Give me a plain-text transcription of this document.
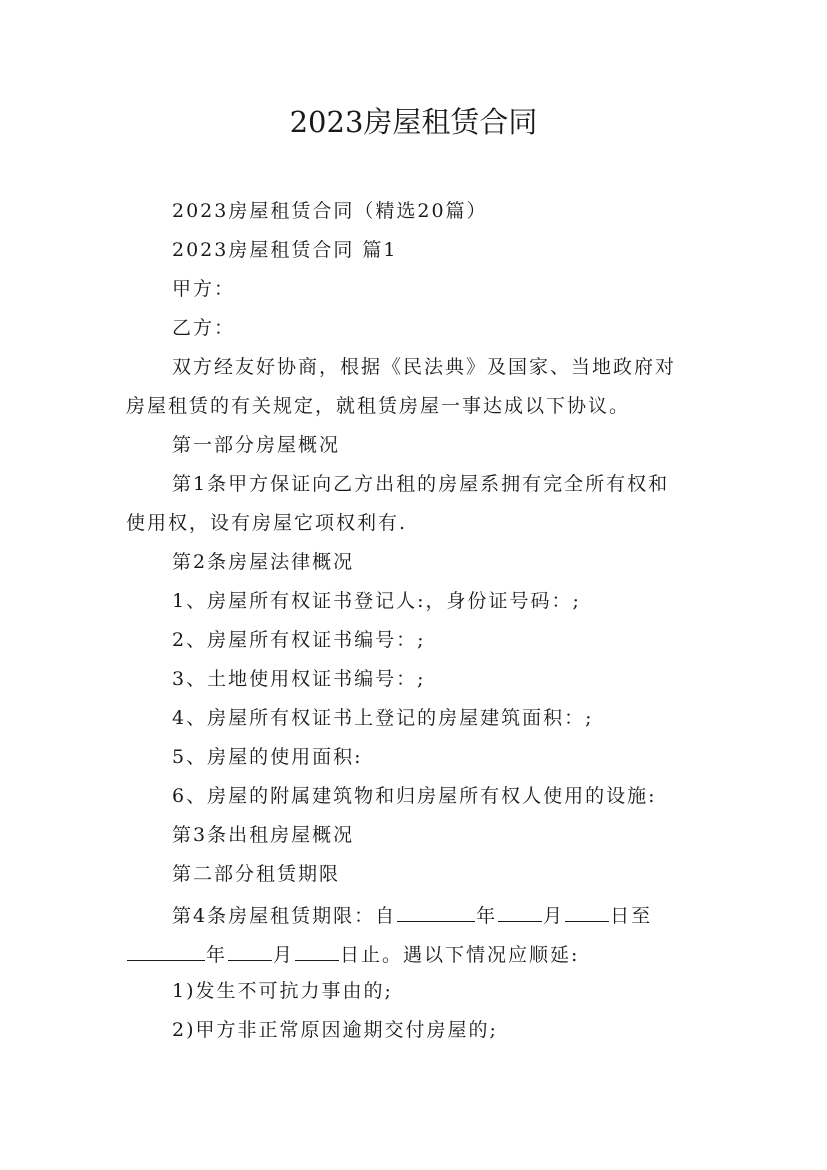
2023房屋租赁合同
2023房屋租赁合同（精选20篇）
2023房屋租赁合同 篇1
甲方：
乙方：
双方经友好协商，根据《民法典》及国家、当地政府对
房屋租赁的有关规定，就租赁房屋一事达成以下协议。
第一部分房屋概况
第1条甲方保证向乙方出租的房屋系拥有完全所有权和
使用权，设有房屋它项权利有.
第2条房屋法律概况
1、房屋所有权证书登记人:，身份证号码：;
2、房屋所有权证书编号：;
3、土地使用权证书编号：;
4、房屋所有权证书上登记的房屋建筑面积：;
5、房屋的使用面积:
6、房屋的附属建筑物和归房屋所有权人使用的设施:
第3条出租房屋概况
第二部分租赁期限
第4条房屋租赁期限：自	年 月 日至
年 月 日止。遇以下情况应顺延:
1)发生不可抗力事由的;
2)甲方非正常原因逾期交付房屋的;
